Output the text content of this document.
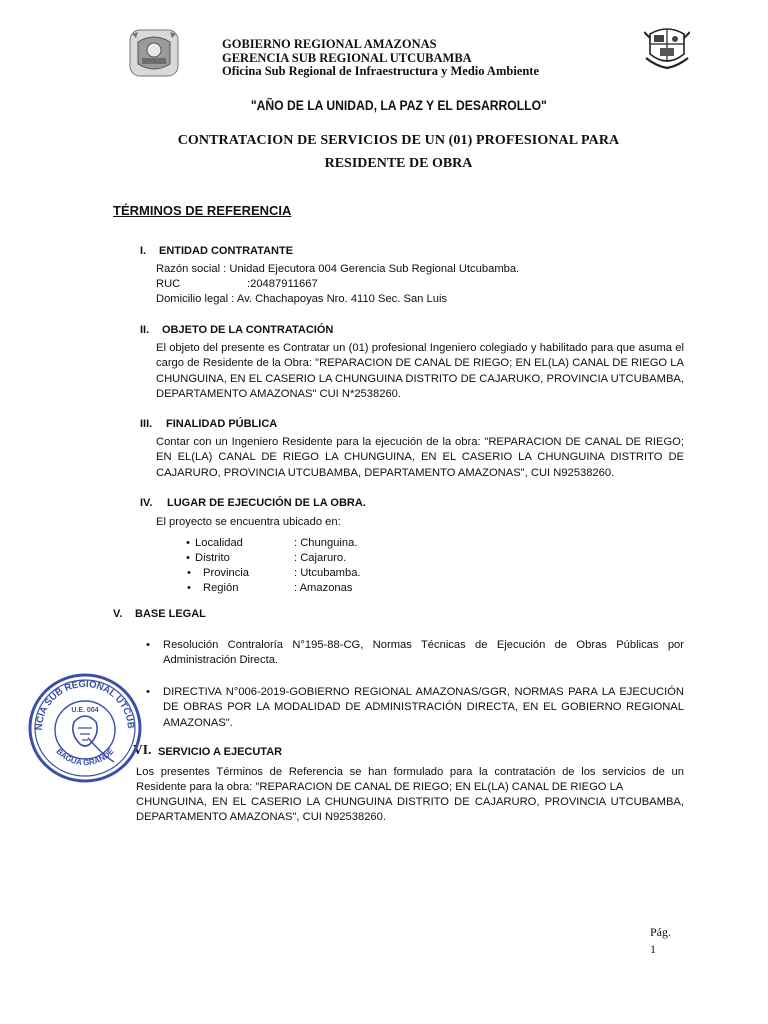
GOBIERNO REGIONAL AMAZONAS
GERENCIA SUB REGIONAL UTCUBAMBA
Oficina Sub Regional de Infraestructura y Medio Ambiente
"AÑO DE LA UNIDAD, LA PAZ Y EL DESARROLLO"
CONTRATACION DE SERVICIOS DE UN (01) PROFESIONAL PARA
RESIDENTE DE OBRA
TÉRMINOS DE REFERENCIA
I. ENTIDAD CONTRATANTE
Razón social : Unidad Ejecutora 004 Gerencia Sub Regional Utcubamba.
RUC	:20487911667
Domicilio legal : Av. Chachapoyas Nro. 4110 Sec. San Luis
II. OBJETO DE LA CONTRATACIÓN
El objeto del presente es Contratar un (01) profesional Ingeniero colegiado y habilitado para que asuma el cargo de Residente de la Obra: "REPARACION DE CANAL DE RIEGO; EN EL(LA) CANAL DE RIEGO LA CHUNGUINA, EN EL CASERIO LA CHUNGUINA DISTRITO DE CAJARUKO, PROVINCIA UTCUBAMBA, DEPARTAMENTO AMAZONAS" CUI N*2538260.
III. FINALIDAD PÚBLICA
Contar con un Ingeniero Residente para la ejecución de la obra: "REPARACION DE CANAL DE RIEGO; EN EL(LA) CANAL DE RIEGO LA CHUNGUINA, EN EL CASERIO LA CHUNGUINA DISTRITO DE CAJARURO, PROVINCIA UTCUBAMBA, DEPARTAMENTO AMAZONAS", CUI N92538260.
IV. LUGAR DE EJECUCIÓN DE LA OBRA.
El proyecto se encuentra ubicado en:
• Localidad	: Chunguina.
• Distrito	: Cajaruro.
• Provincia	: Utcubamba.
• Región	: Amazonas
V. BASE LEGAL
• Resolución Contraloría N°195-88-CG, Normas Técnicas de Ejecución de Obras Públicas por Administración Directa.
• DIRECTIVA N°006-2019-GOBIERNO REGIONAL AMAZONAS/GGR, NORMAS PARA LA EJECUCIÓN DE OBRAS POR LA MODALIDAD DE ADMINISTRACIÓN DIRECTA, EN EL GOBIERNO REGIONAL AMAZONAS".
VI. SERVICIO A EJECUTAR
Los presentes Términos de Referencia se han formulado para la contratación de los servicios de un
Residente para la obra: "REPARACION DE CANAL DE RIEGO; EN EL(LA) CANAL DE RIEGO LA
CHUNGUINA, EN EL CASERIO LA CHUNGUINA DISTRITO DE CAJARURO, PROVINCIA UTCUBAMBA,
DEPARTAMENTO AMAZONAS", CUI N92538260.
NCIA SUB REGIONAL UTCUB
U.E. 004
BAGUA GRANDE
Pág.
1
